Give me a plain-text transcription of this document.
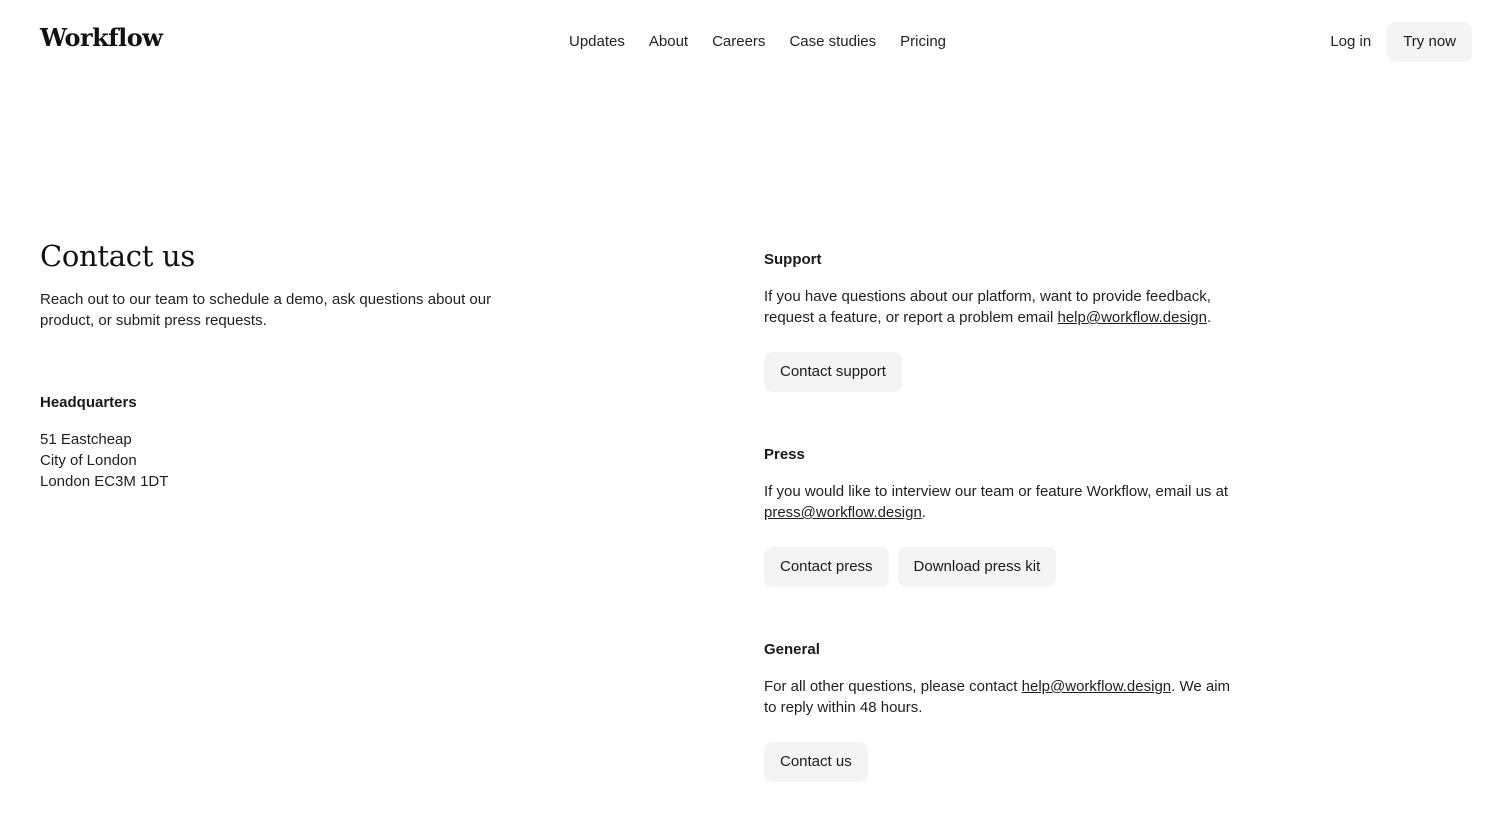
Workflow	Updates	About	Careers	Case studies	Pricing	Log in	Try now
Contact us

Reach out to our team to schedule a demo, ask questions about our product, or submit press requests.

Headquarters
51 Eastcheap
City of London
London EC3M 1DT
Support
If you have questions about our platform, want to provide feedback, request a feature, or report a problem email help@workflow.design.
Contact support
Press
If you would like to interview our team or feature Workflow, email us at press@workflow.design.
Contact press	Download press kit
General
For all other questions, please contact help@workflow.design. We aim to reply within 48 hours.
Contact us
